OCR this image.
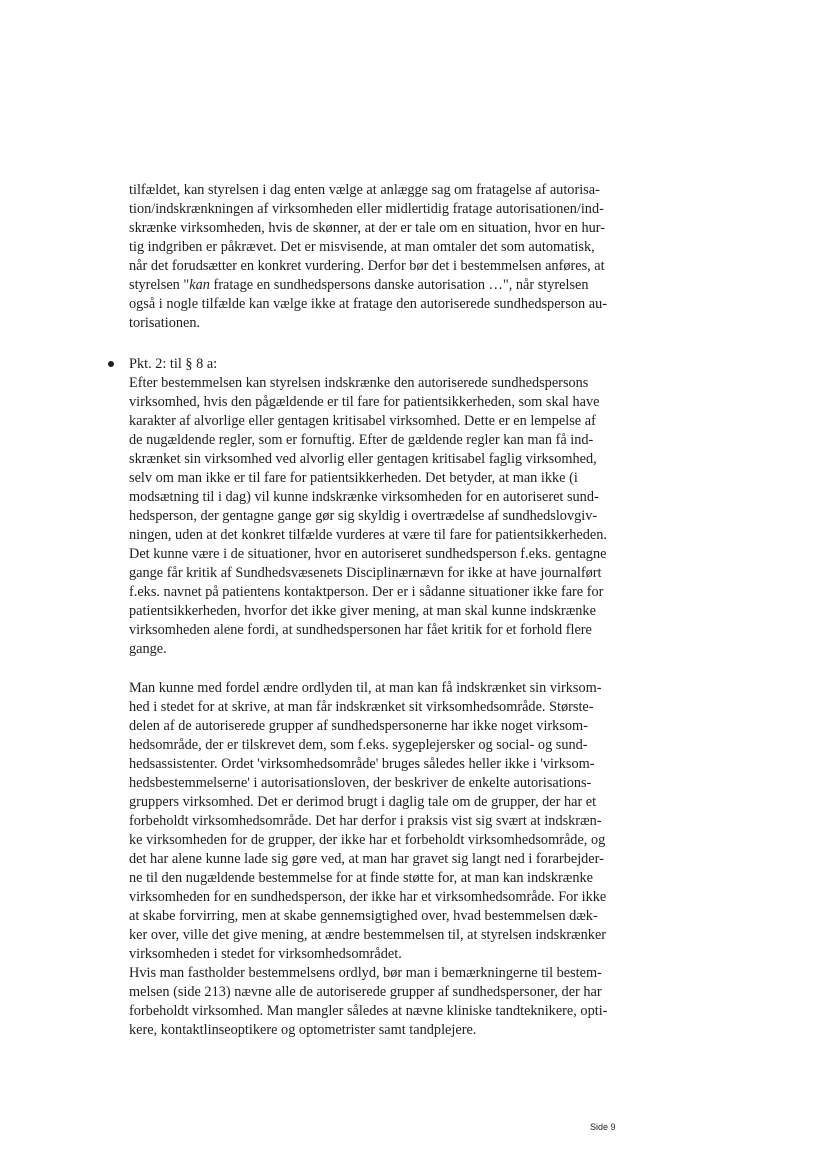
tilfældet, kan styrelsen i dag enten vælge at anlægge sag om fratagelse af autorisa-
tion/indskrænkningen af virksomheden eller midlertidig fratage autorisationen/ind-
skrænke virksomheden, hvis de skønner, at der er tale om en situation, hvor en hur-
tig indgriben er påkrævet. Det er misvisende, at man omtaler det som automatisk,
når det forudsætter en konkret vurdering. Derfor bør det i bestemmelsen anføres, at
styrelsen "kan fratage en sundhedspersons danske autorisation …", når styrelsen
også i nogle tilfælde kan vælge ikke at fratage den autoriserede sundhedsperson au-
torisationen.
Pkt. 2: til § 8 a:
Efter bestemmelsen kan styrelsen indskrænke den autoriserede sundhedspersons
virksomhed, hvis den pågældende er til fare for patientsikkerheden, som skal have
karakter af alvorlige eller gentagen kritisabel virksomhed. Dette er en lempelse af
de nugældende regler, som er fornuftig. Efter de gældende regler kan man få ind-
skrænket sin virksomhed ved alvorlig eller gentagen kritisabel faglig virksomhed,
selv om man ikke er til fare for patientsikkerheden. Det betyder, at man ikke (i
modsætning til i dag) vil kunne indskrænke virksomheden for en autoriseret sund-
hedsperson, der gentagne gange gør sig skyldig i overtrædelse af sundhedslovgiv-
ningen, uden at det konkret tilfælde vurderes at være til fare for patientsikkerheden.
Det kunne være i de situationer, hvor en autoriseret sundhedsperson f.eks. gentagne
gange får kritik af Sundhedsvæsenets Disciplinærnævn for ikke at have journalført
f.eks. navnet på patientens kontaktperson. Der er i sådanne situationer ikke fare for
patientsikkerheden, hvorfor det ikke giver mening, at man skal kunne indskrænke
virksomheden alene fordi, at sundhedspersonen har fået kritik for et forhold flere
gange.
Man kunne med fordel ændre ordlyden til, at man kan få indskrænket sin virksom-
hed i stedet for at skrive, at man får indskrænket sit virksomhedsområde. Største-
delen af de autoriserede grupper af sundhedspersonerne har ikke noget virksom-
hedsområde, der er tilskrevet dem, som f.eks. sygeplejersker og social- og sund-
hedsassistenter. Ordet 'virksomhedsområde' bruges således heller ikke i 'virksom-
hedsbestemmelserne' i autorisationsloven, der beskriver de enkelte autorisations-
gruppers virksomhed. Det er derimod brugt i daglig tale om de grupper, der har et
forbeholdt virksomhedsområde. Det har derfor i praksis vist sig svært at indskræn-
ke virksomheden for de grupper, der ikke har et forbeholdt virksomhedsområde, og
det har alene kunne lade sig gøre ved, at man har gravet sig langt ned i forarbejder-
ne til den nugældende bestemmelse for at finde støtte for, at man kan indskrænke
virksomheden for en sundhedsperson, der ikke har et virksomhedsområde. For ikke
at skabe forvirring, men at skabe gennemsigtighed over, hvad bestemmelsen dæk-
ker over, ville det give mening, at ændre bestemmelsen til, at styrelsen indskrænker
virksomheden i stedet for virksomhedsområdet.
Hvis man fastholder bestemmelsens ordlyd, bør man i bemærkningerne til bestem-
melsen (side 213) nævne alle de autoriserede grupper af sundhedspersoner, der har
forbeholdt virksomhed. Man mangler således at nævne kliniske tandteknikere, opti-
kere, kontaktlinseoptikere og optometrister samt tandplejere.
Side 9
